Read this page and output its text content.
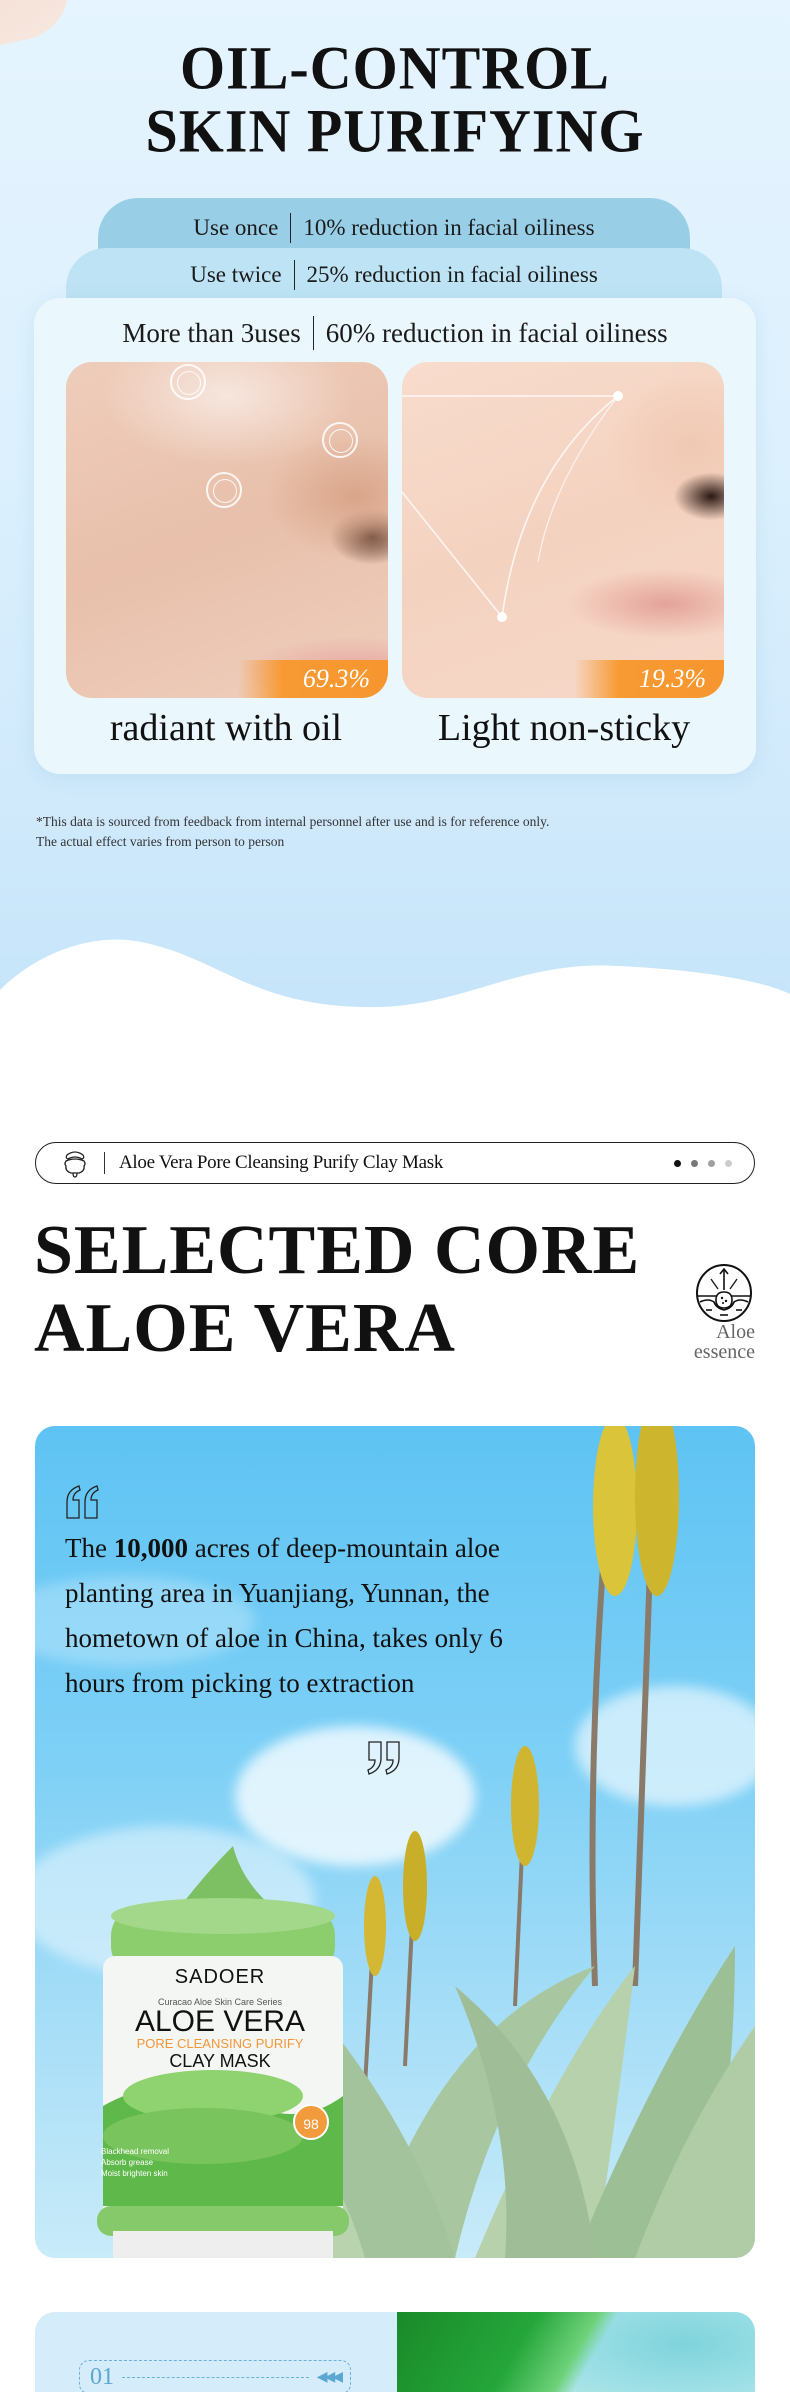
OIL-CONTROL
SKIN PURIFYING
Use once 10% reduction in facial oiliness
Use twice 25% reduction in facial oiliness
More than 3uses 60% reduction in facial oiliness
69.3%	19.3%
radiant with oil	Light non-sticky
*This data is sourced from feedback from internal personnel after use and is for reference only.
The actual effect varies from person to person
Aloe Vera Pore Cleansing Purify Clay Mask
SELECTED CORE
ALOE VERA	Aloe
essence
The 10,000 acres of deep-mountain aloe planting area in Yuanjiang, Yunnan, the hometown of aloe in China, takes only 6 hours from picking to extraction
SADOER
Curacao Aloe Skin Care Series
ALOE VERA
PORE CLEANSING PURIFY
CLAY MASK
Blackhead removal
Absorb grease
Moist brighten skin
98
01	◀◀◀
